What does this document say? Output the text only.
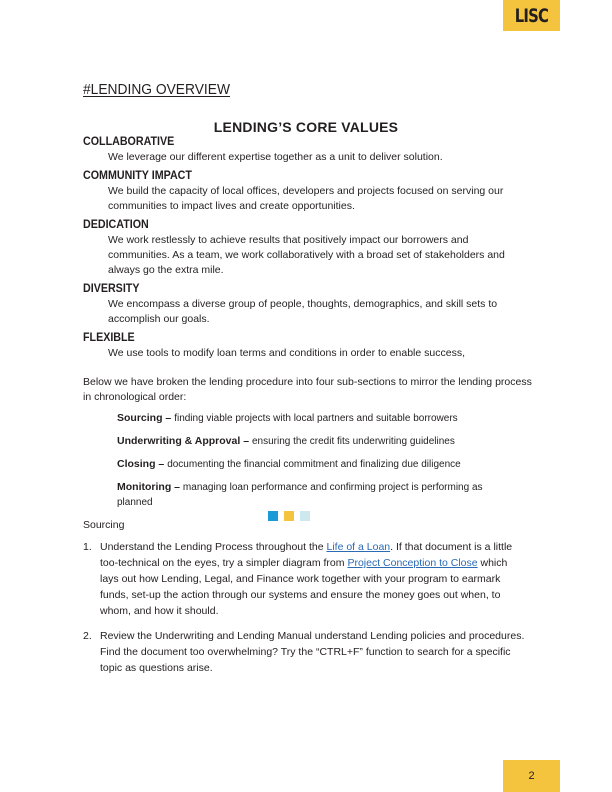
LISC
#LENDING OVERVIEW
LENDING’S CORE VALUES
COLLABORATIVE
We leverage our different expertise together as a unit to deliver solution.
COMMUNITY IMPACT
We build the capacity of local offices, developers and projects focused on serving our communities to impact lives and create opportunities.
DEDICATION
We work restlessly to achieve results that positively impact our borrowers and communities. As a team, we work collaboratively with a broad set of stakeholders and always go the extra mile.
DIVERSITY
We encompass a diverse group of people, thoughts, demographics, and skill sets to accomplish our goals.
FLEXIBLE
We use tools to modify loan terms and conditions in order to enable success,
Below we have broken the lending procedure into four sub-sections to mirror the lending process in chronological order:
Sourcing – finding viable projects with local partners and suitable borrowers
Underwriting & Approval – ensuring the credit fits underwriting guidelines
Closing – documenting the financial commitment and finalizing due diligence
Monitoring – managing loan performance and confirming project is performing as planned
Sourcing
1. Understand the Lending Process throughout the Life of a Loan. If that document is a little too-technical on the eyes, try a simpler diagram from Project Conception to Close which lays out how Lending, Legal, and Finance work together with your program to earmark funds, set-up the action through our systems and ensure the money goes out when, to whom, and how it should.
2. Review the Underwriting and Lending Manual understand Lending policies and procedures. Find the document too overwhelming? Try the “CTRL+F” function to search for a specific topic as questions arise.
2
